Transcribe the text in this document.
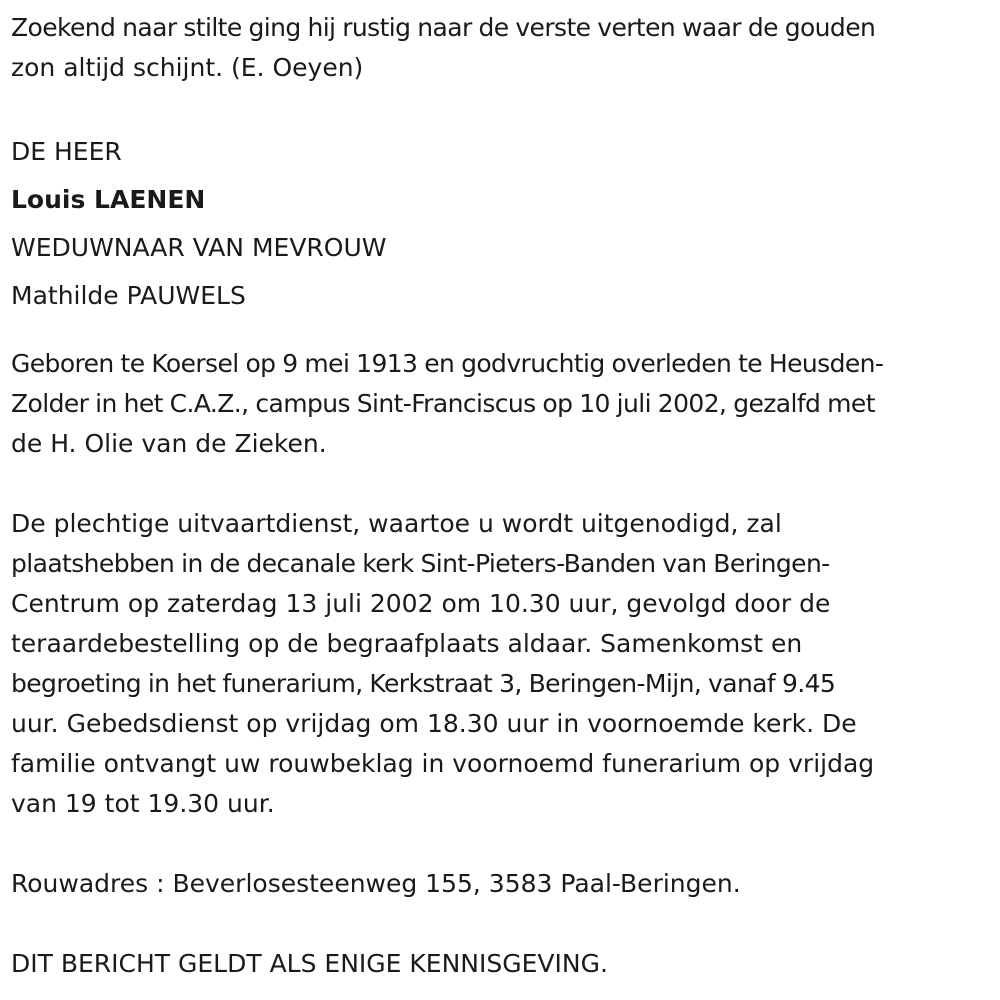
Zoekend naar stilte ging hij rustig naar de verste verten waar de gouden
zon altijd schijnt. (E. Oeyen)

DE HEER
Louis LAENEN
WEDUWNAAR VAN MEVROUW
Mathilde PAUWELS

Geboren te Koersel op 9 mei 1913 en godvruchtig overleden te Heusden-
Zolder in het C.A.Z., campus Sint-Franciscus op 10 juli 2002, gezalfd met
de H. Olie van de Zieken.

De plechtige uitvaartdienst, waartoe u wordt uitgenodigd, zal
plaatshebben in de decanale kerk Sint-Pieters-Banden van Beringen-
Centrum op zaterdag 13 juli 2002 om 10.30 uur, gevolgd door de
teraardebestelling op de begraafplaats aldaar. Samenkomst en
begroeting in het funerarium, Kerkstraat 3, Beringen-Mijn, vanaf 9.45
uur. Gebedsdienst op vrijdag om 18.30 uur in voornoemde kerk. De
familie ontvangt uw rouwbeklag in voornoemd funerarium op vrijdag
van 19 tot 19.30 uur.

Rouwadres : Beverlosesteenweg 155, 3583 Paal-Beringen.

DIT BERICHT GELDT ALS ENIGE KENNISGEVING.
